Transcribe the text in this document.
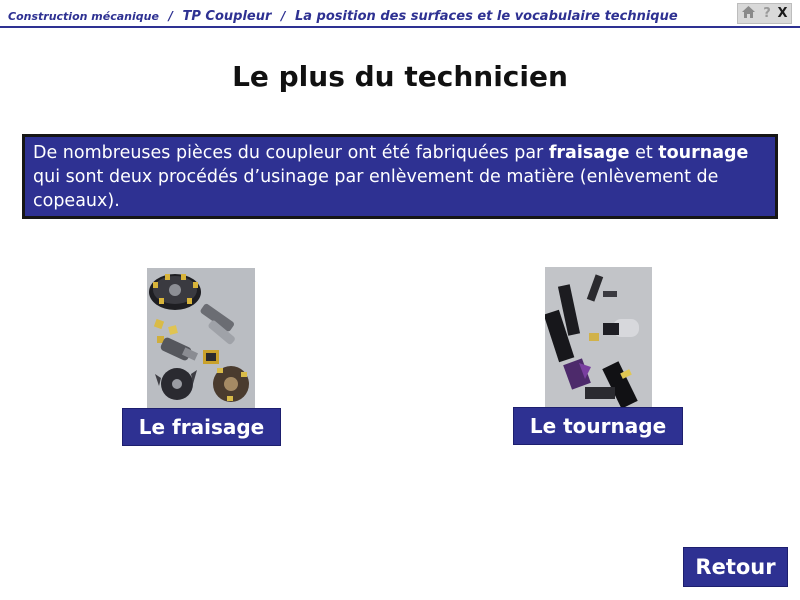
Construction mécanique / TP Coupleur / La position des surfaces et le vocabulaire technique	? X
Le plus du technicien
De nombreuses pièces du coupleur ont été fabriquées par fraisage et tournage qui sont deux procédés d’usinage par enlèvement de matière (enlèvement de copeaux).
Le fraisage	Le tournage
Retour
